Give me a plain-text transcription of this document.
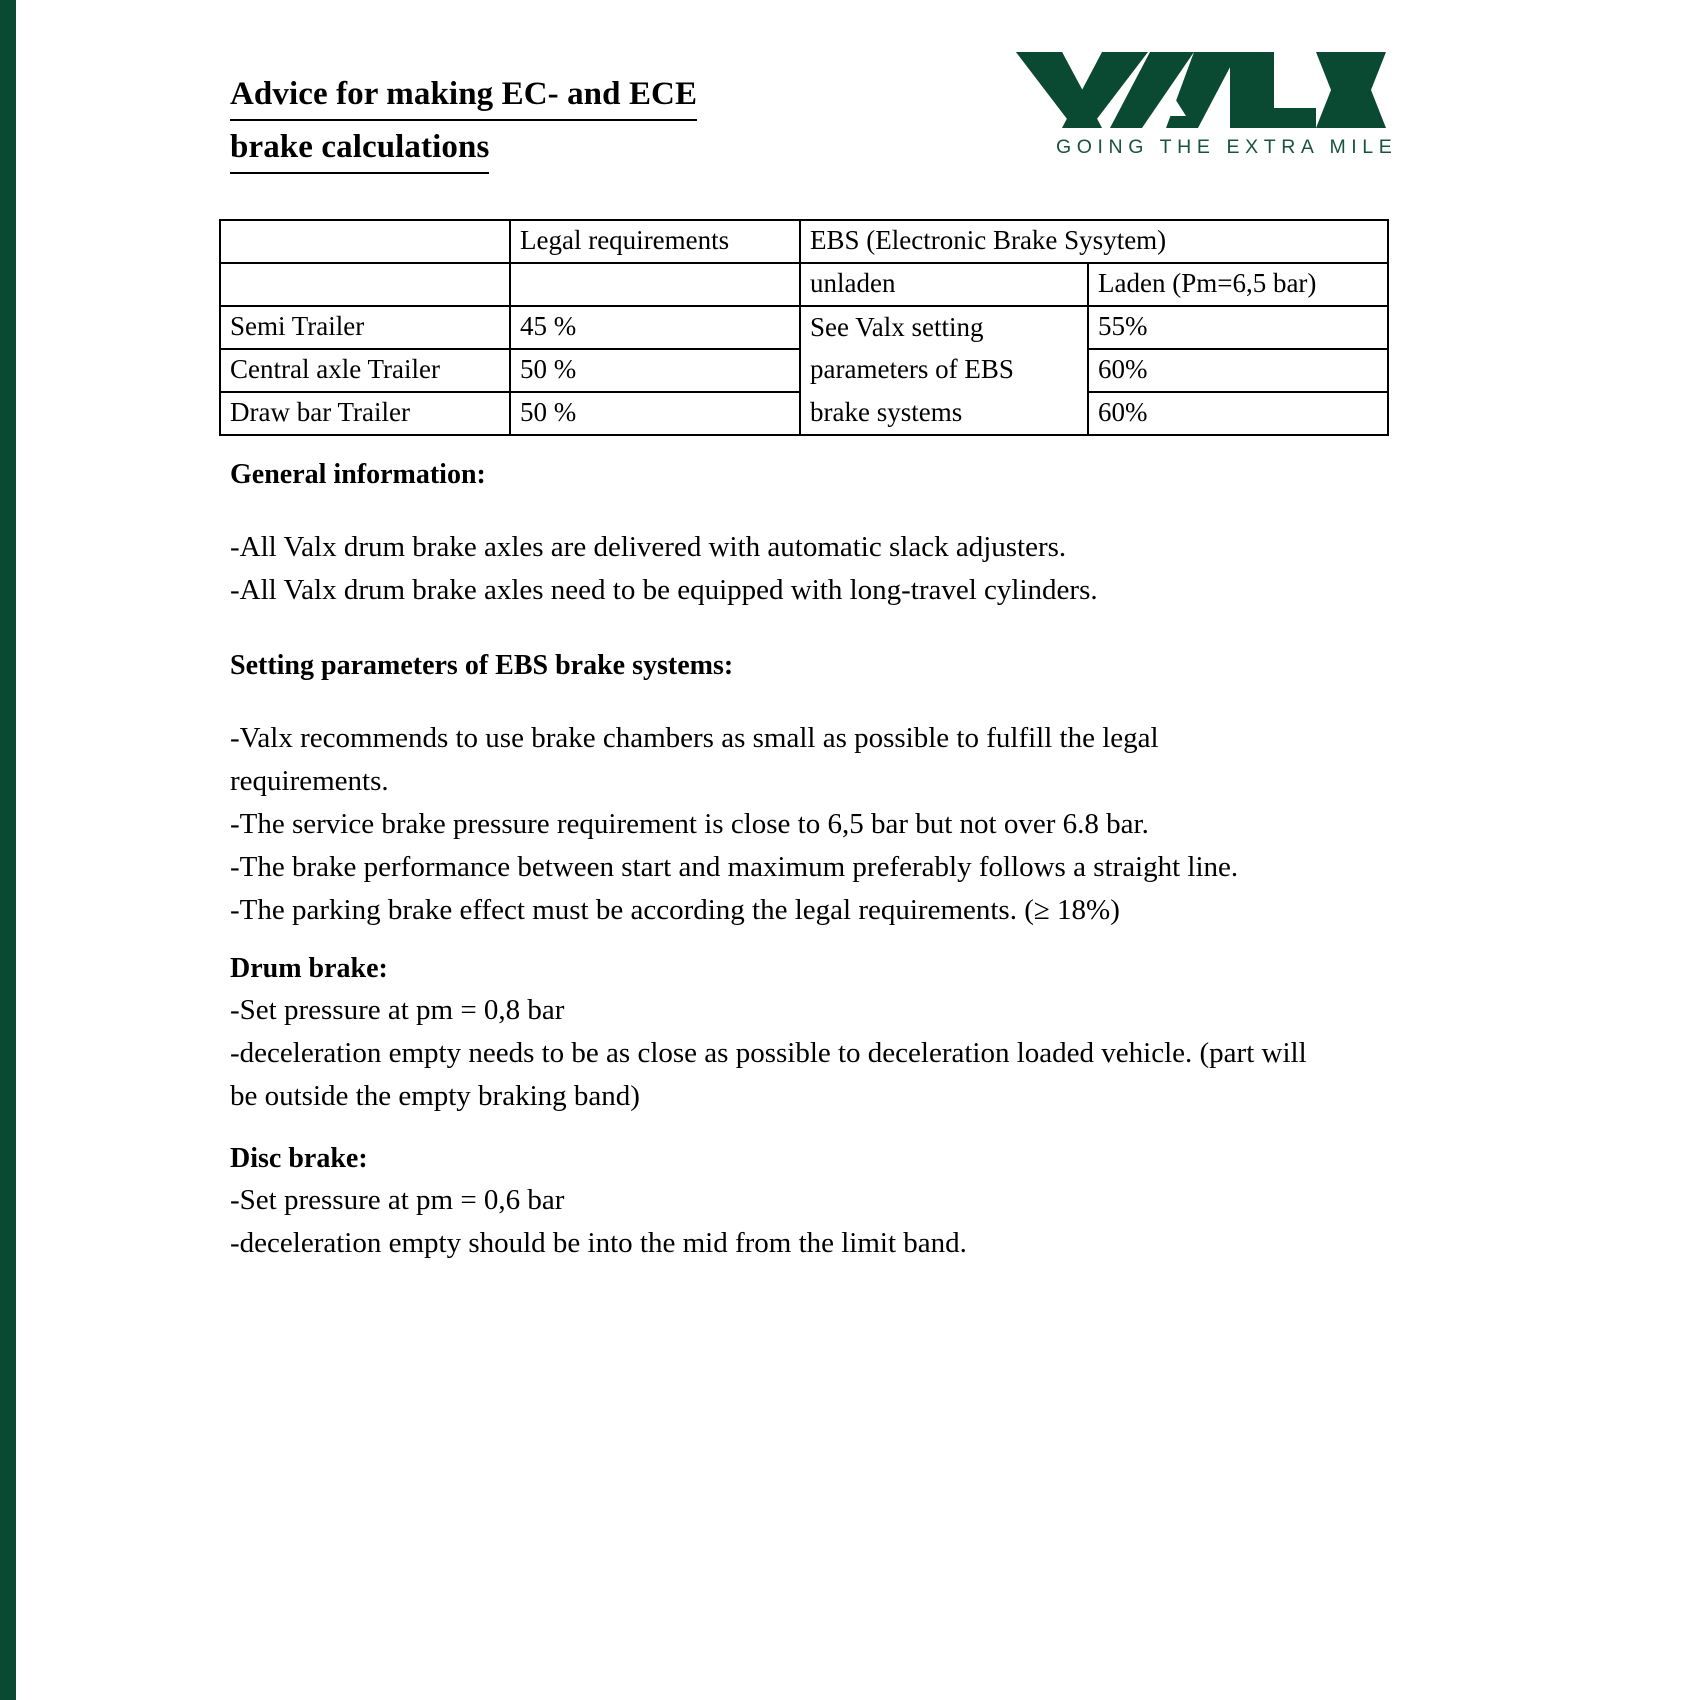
Advice for making EC- and ECE
brake calculations	GOING THE EXTRA MILE
	Legal requirements	EBS (Electronic Brake Sysytem)	
		unladen	Laden (Pm=6,5 bar)
Semi Trailer	45 %	See Valx setting	55%
Central axle Trailer	50 %	parameters of EBS	60%
Draw bar Trailer	50 %	brake systems	60%
General information:
-All Valx drum brake axles are delivered with automatic slack adjusters.
-All Valx drum brake axles need to be equipped with long-travel cylinders.
Setting parameters of EBS brake systems:
-Valx recommends to use brake chambers as small as possible to fulfill the legal
requirements.
-The service brake pressure requirement is close to 6,5 bar but not over 6.8 bar.
-The brake performance between start and maximum preferably follows a straight line.
-The parking brake effect must be according the legal requirements. (≥ 18%)
Drum brake:
-Set pressure at pm = 0,8 bar
-deceleration empty needs to be as close as possible to deceleration loaded vehicle. (part will
be outside the empty braking band)
Disc brake:
-Set pressure at pm = 0,6 bar
-deceleration empty should be into the mid from the limit band.
